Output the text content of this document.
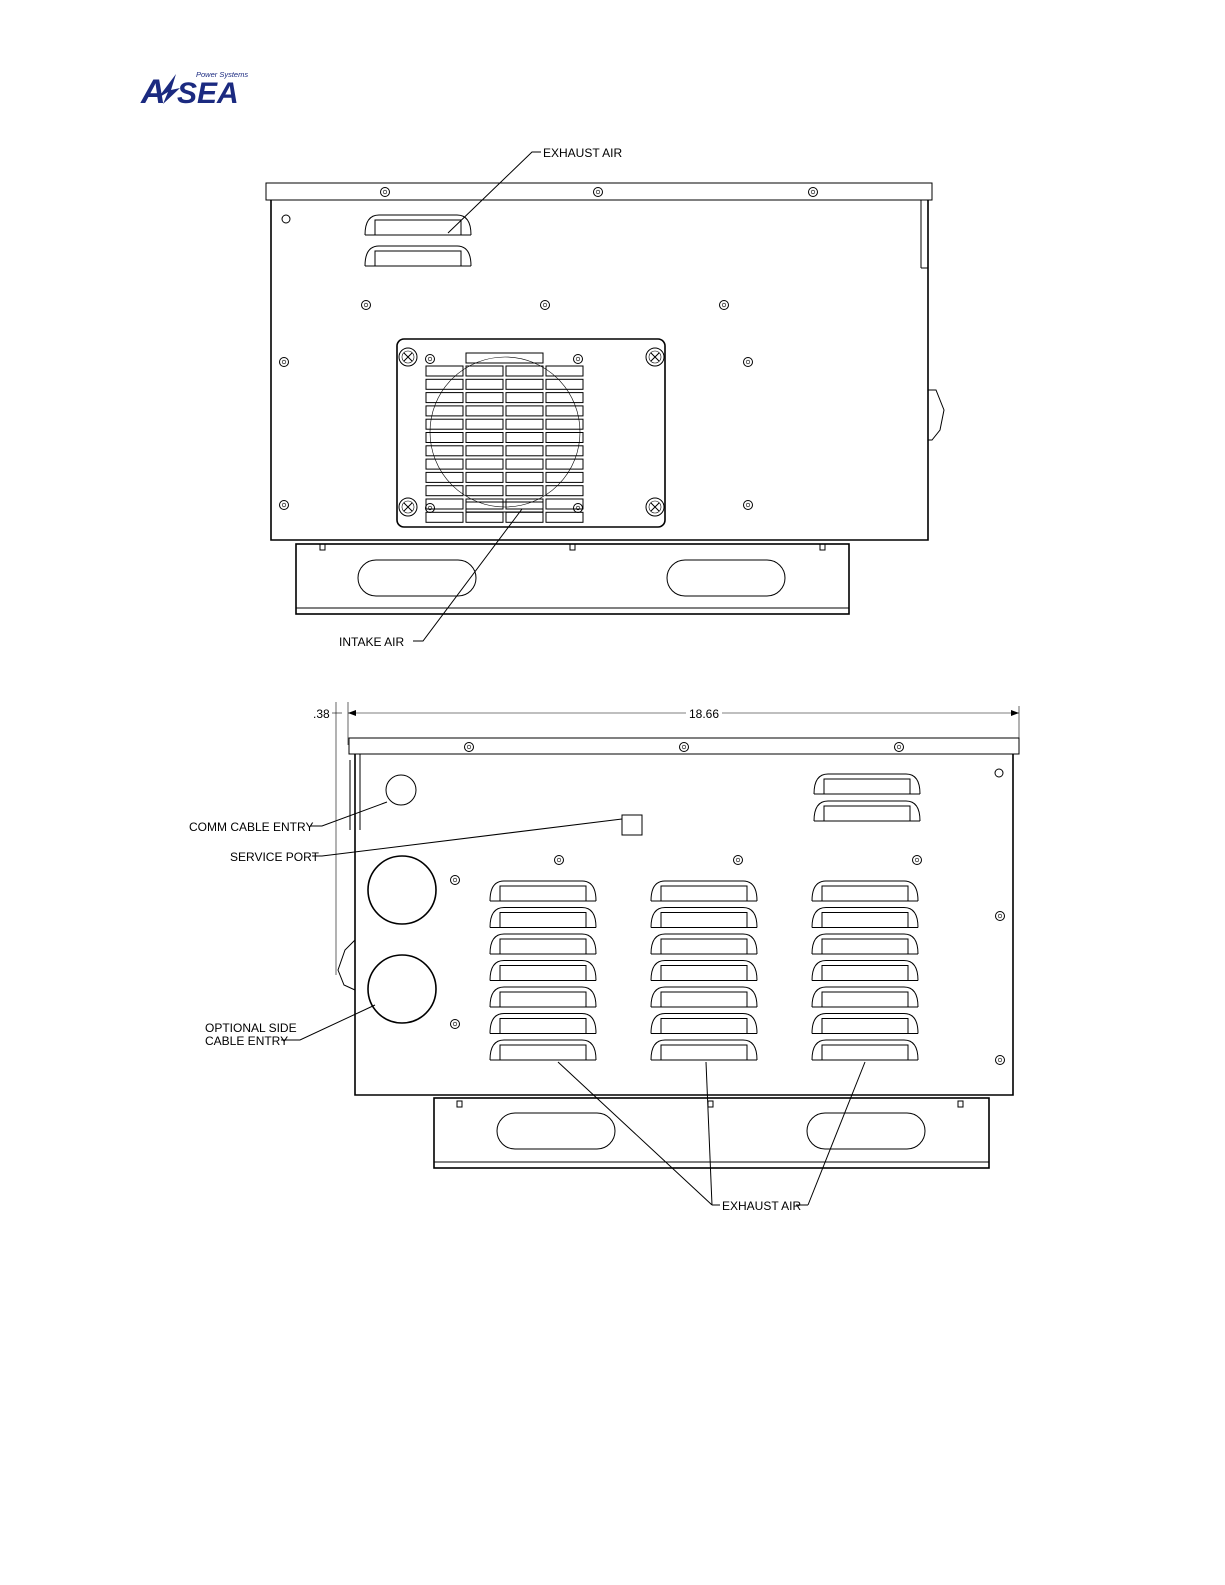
A SEA
Power Systems
EXHAUST AIR
INTAKE AIR
.38	18.66
COMM CABLE ENTRY
SERVICE PORT
OPTIONAL SIDE
CABLE ENTRY
EXHAUST AIR
